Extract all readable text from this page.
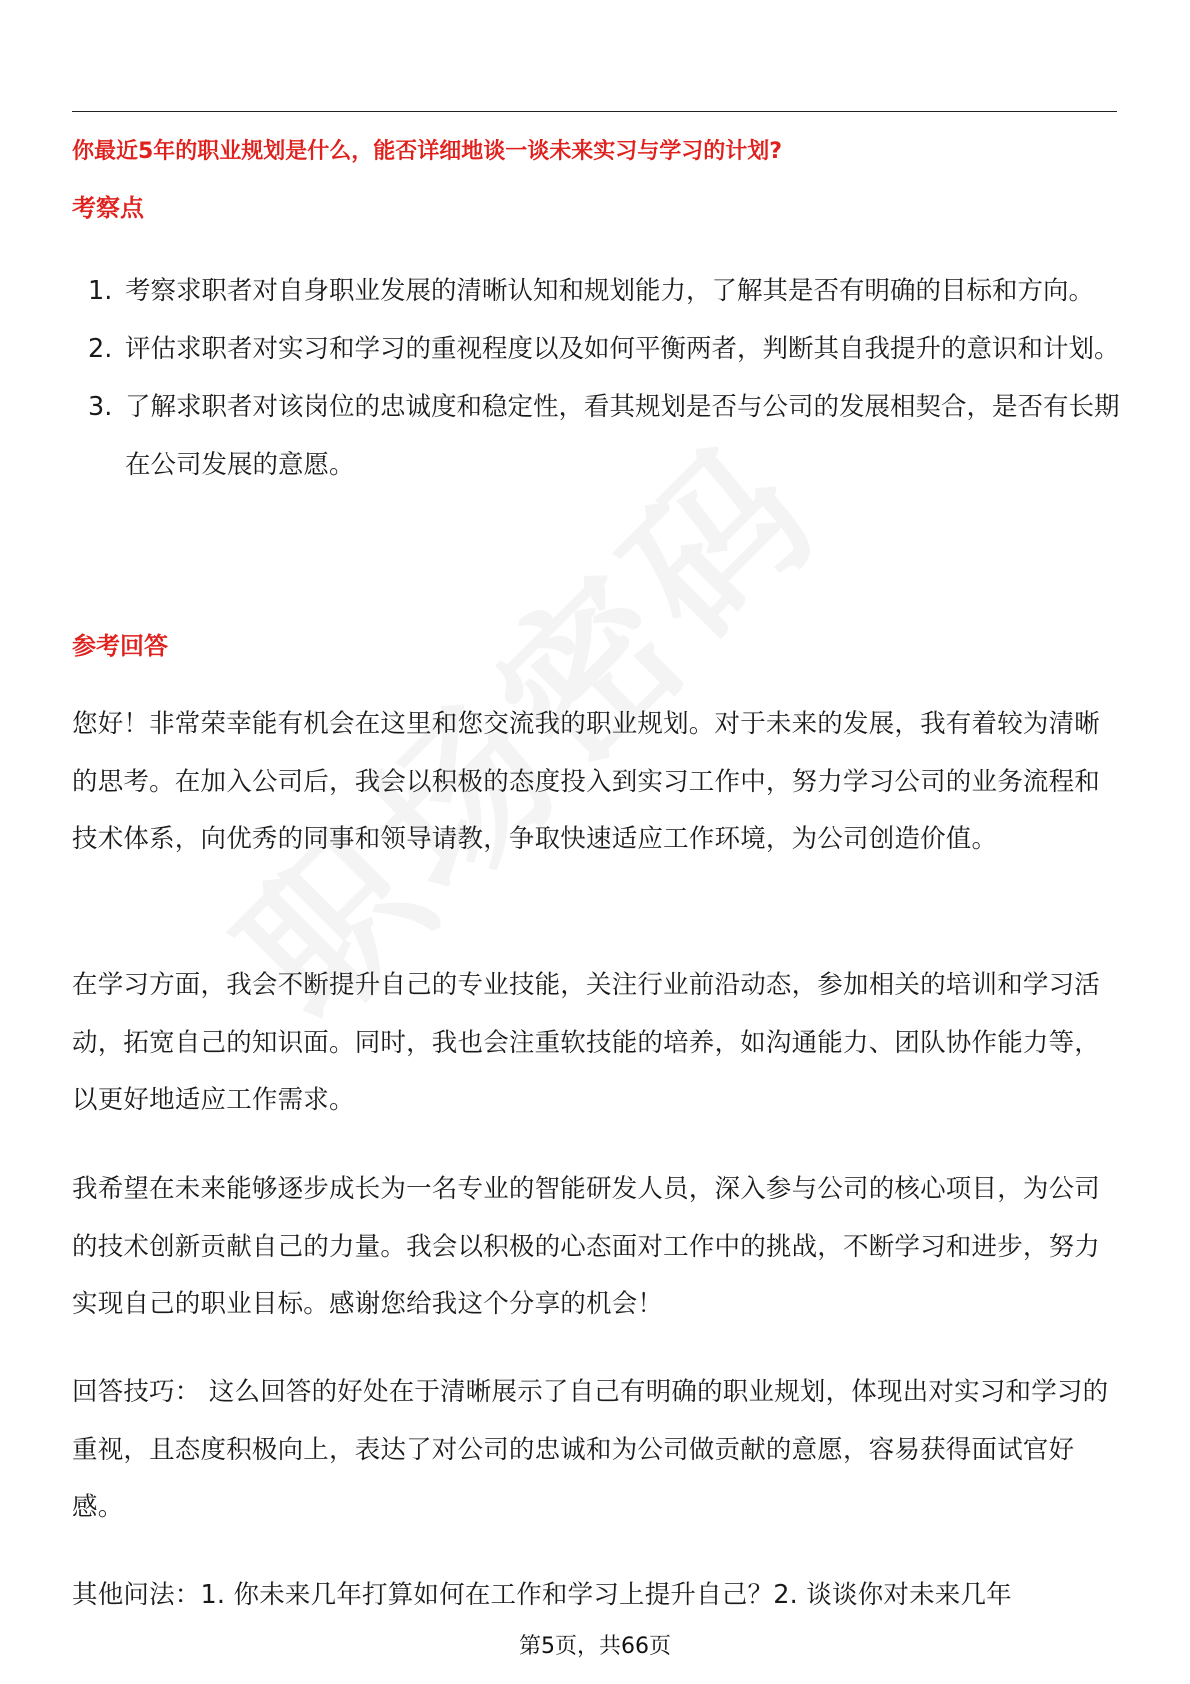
你最近5年的职业规划是什么，能否详细地谈一谈未来实习与学习的计划?
考察点
1. 考察求职者对自身职业发展的清晰认知和规划能力，了解其是否有明确的目标和方向。
2. 评估求职者对实习和学习的重视程度以及如何平衡两者，判断其自我提升的意识和计划。
3. 了解求职者对该岗位的忠诚度和稳定性，看其规划是否与公司的发展相契合，是否有长期在公司发展的意愿。
参考回答

您好！非常荣幸能有机会在这里和您交流我的职业规划。对于未来的发展，我有着较为清晰的思考。在加入公司后，我会以积极的态度投入到实习工作中，努力学习公司的业务流程和技术体系，向优秀的同事和领导请教，争取快速适应工作环境，为公司创造价值。

在学习方面，我会不断提升自己的专业技能，关注行业前沿动态，参加相关的培训和学习活动，拓宽自己的知识面。同时，我也会注重软技能的培养，如沟通能力、团队协作能力等，以更好地适应工作需求。

我希望在未来能够逐步成长为一名专业的智能研发人员，深入参与公司的核心项目，为公司的技术创新贡献自己的力量。我会以积极的心态面对工作中的挑战，不断学习和进步，努力实现自己的职业目标。感谢您给我这个分享的机会！

回答技巧： 这么回答的好处在于清晰展示了自己有明确的职业规划，体现出对实习和学习的重视，且态度积极向上，表达了对公司的忠诚和为公司做贡献的意愿，容易获得面试官好感。

其他问法：1. 你未来几年打算如何在工作和学习上提升自己？2. 谈谈你对未来几年

第5页，共66页
